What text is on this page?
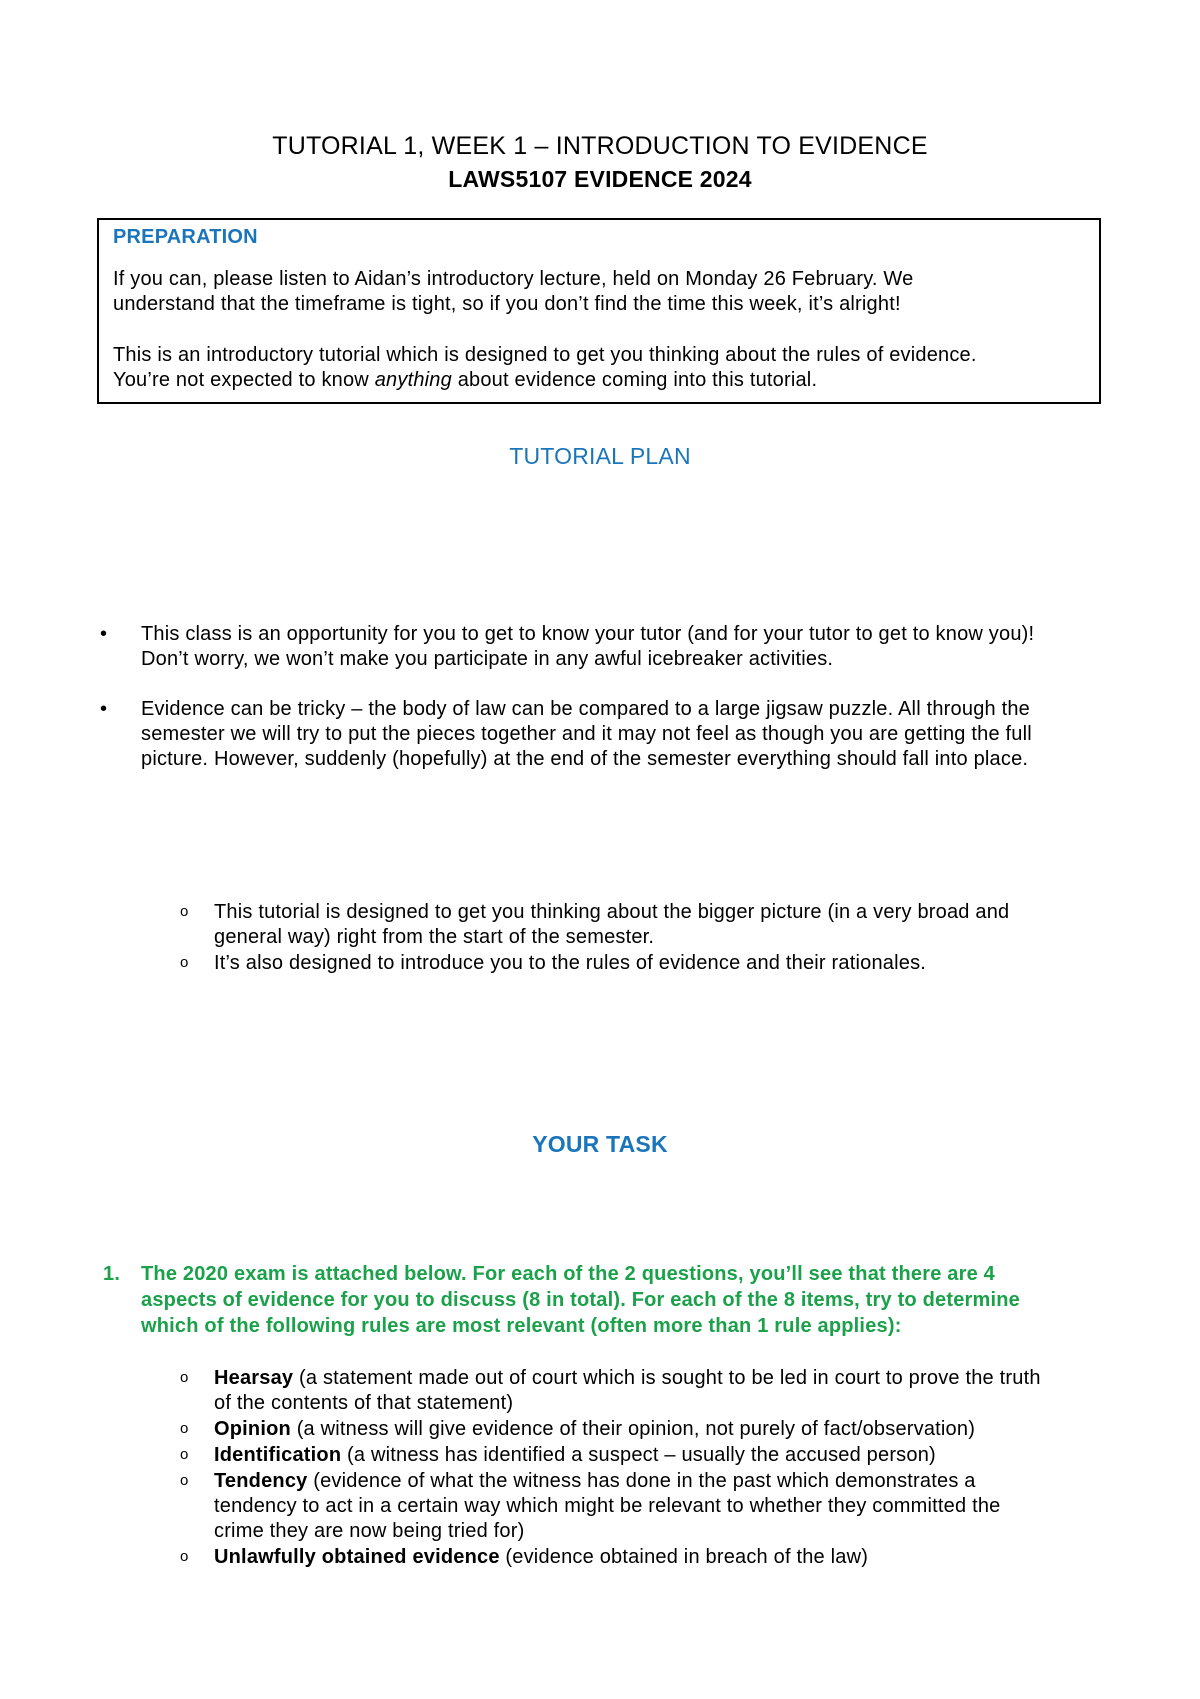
TUTORIAL 1, WEEK 1 – INTRODUCTION TO EVIDENCE
LAWS5107 EVIDENCE 2024
PREPARATION
If you can, please listen to Aidan’s introductory lecture, held on Monday 26 February. We
understand that the timeframe is tight, so if you don’t find the time this week, it’s alright!
This is an introductory tutorial which is designed to get you thinking about the rules of evidence.
You’re not expected to know anything about evidence coming into this tutorial.
TUTORIAL PLAN
•	This class is an opportunity for you to get to know your tutor (and for your tutor to get to know you)!
Don’t worry, we won’t make you participate in any awful icebreaker activities.
•	Evidence can be tricky – the body of law can be compared to a large jigsaw puzzle. All through the
semester we will try to put the pieces together and it may not feel as though you are getting the full
picture. However, suddenly (hopefully) at the end of the semester everything should fall into place.
o	This tutorial is designed to get you thinking about the bigger picture (in a very broad and
general way) right from the start of the semester.
o	It’s also designed to introduce you to the rules of evidence and their rationales.
YOUR TASK
1. The 2020 exam is attached below. For each of the 2 questions, you’ll see that there are 4
aspects of evidence for you to discuss (8 in total). For each of the 8 items, try to determine
which of the following rules are most relevant (often more than 1 rule applies):
o	Hearsay (a statement made out of court which is sought to be led in court to prove the truth
of the contents of that statement)
o	Opinion (a witness will give evidence of their opinion, not purely of fact/observation)
o	Identification (a witness has identified a suspect – usually the accused person)
o	Tendency (evidence of what the witness has done in the past which demonstrates a
tendency to act in a certain way which might be relevant to whether they committed the
crime they are now being tried for)
o	Unlawfully obtained evidence (evidence obtained in breach of the law)
